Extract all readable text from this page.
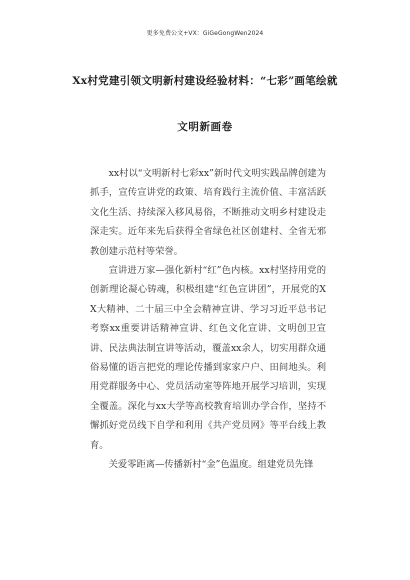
更多免费公文+VX：GiGeGongWen2024
Xx村党建引领文明新村建设经验材料：“七彩”画笔绘就
文明新画卷

xx村以“文明新村七彩xx”新时代文明实践品牌创建为抓手，宣传宣讲党的政策、培育践行主流价值、丰富活跃文化生活、持续深入移风易俗，不断推动文明乡村建设走深走实。近年来先后获得全省绿色社区创建村、全省无邪教创建示范村等荣誉。

宣讲进万家—强化新村“红”色内核。xx村坚持用党的创新理论凝心铸魂，积极组建“红色宣讲团”，开展党的XX大精神、二十届三中全会精神宣讲、学习习近平总书记考察xx重要讲话精神宣讲、红色文化宣讲、文明创卫宣讲、民法典法制宣讲等活动，覆盖xx余人，切实用群众通俗易懂的语言把党的理论传播到家家户户、田间地头。利用党群服务中心、党员活动室等阵地开展学习培训，实现全覆盖。深化与xx大学等高校教育培训办学合作，坚持不懈抓好党员线下自学和利用《共产党员网》等平台线上教育。

关爱零距离—传播新村“金”色温度。组建党员先锋
